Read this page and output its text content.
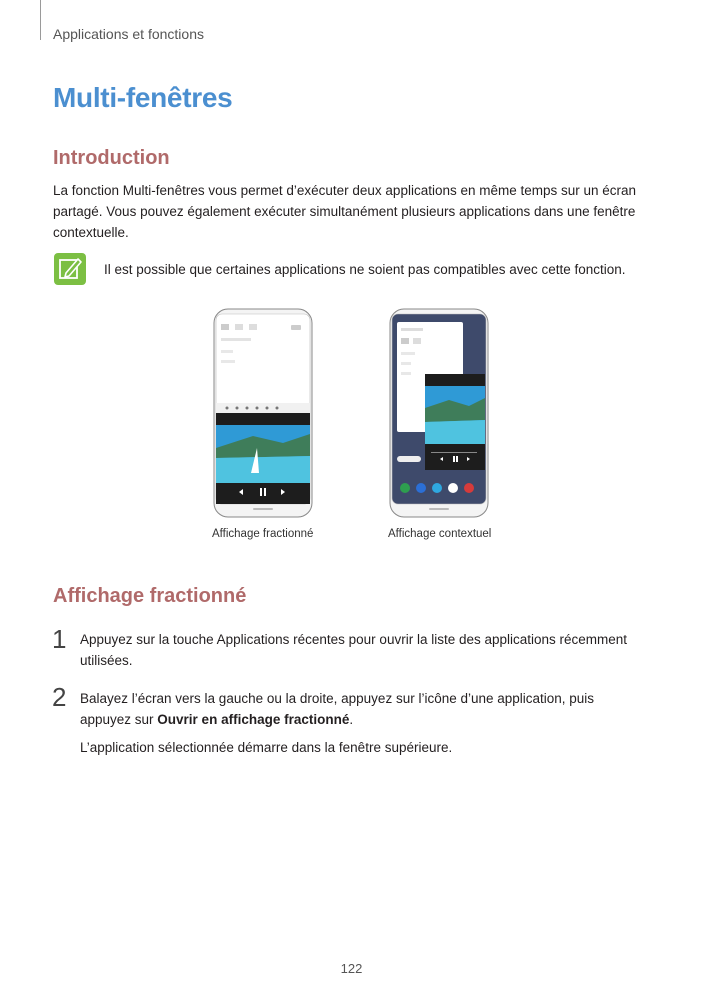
Applications et fonctions
Multi-fenêtres
Introduction

La fonction Multi-fenêtres vous permet d’exécuter deux applications en même temps sur un écran partagé. Vous pouvez également exécuter simultanément plusieurs applications dans une fenêtre contextuelle.

Il est possible que certaines applications ne soient pas compatibles avec cette fonction.

Affichage fractionné	Affichage contextuel
Affichage fractionné
1 Appuyez sur la touche Applications récentes pour ouvrir la liste des applications récemment utilisées.

2 Balayez l’écran vers la gauche ou la droite, appuyez sur l’icône d’une application, puis appuyez sur Ouvrir en affichage fractionné.

L’application sélectionnée démarre dans la fenêtre supérieure.

122
